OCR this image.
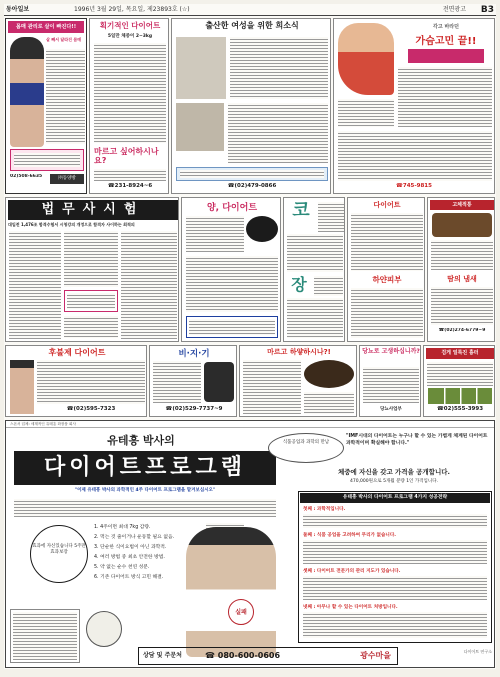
동아일보	1996년 3월 29일, 목요일, 제23893호 (☆)	전면광고 B3
몸매 관리로 살이 빠진다!!
살 빼서 달라진 몸매
02)508-6635	㈜동양방
획기적인 다이어트
5일만 체중이 2~3kg
마르고 싶어하시나요?
☎231-8924~6
출산한 여성을 위한 희소식
☎(02)479-0866
각고 바라던
가슴고민 끝!!
☎745-9815
법무사시험
대입전 1,476조 합격수험서 시청강의 개정으로 합격자 사이하는 최적의
양, 다이어트	코
장
다이어트
하얀피부
고체적통
땀의 냄새
☎(02)274-6779~9
후불제 다이어트
☎(02)595-7323
비·지·기
☎(02)529-7737~9
마르고 하얗하시나?!	당뇨로 고생하십니까?
당뇨사업부
검게 얼룩진 흉터
☎02)555-3993
스폰서 업체: 세계적인 유테흥 화장품 회사
유테흥 박사의
다이어트프로그램
"이제 유테흥 박사의 과학적인 4주 다이어트 프로그램을 맡겨보십시오"
효과에 자신있습니다 5주만 효과보장
1. 4주이면 최대 7kg 감량.
2. 먹는 것 줄이거나 운동할 필요 없음.
3. 단순한 식이요법이 아닌 과학적.
4. 여러 방법 중 최초 안전한 방법.
5. 약 없는 순수 천연 성분.
6. 기존 다이어트 방식 고민 해결.
실패
상담 및 주문처	☎ 080-600-0606	광수마을
식품공업과 과학의 만남
"IMF시대의 다이어트는 누구나 할 수 있는 가볍게 체계된 다이어트 과학적이며 확실해야 합니다."
체중에 자신을 갖고 가격을 공개합니다.
470,000원으로 5개월 분량 1인 가격입니다.
유테흥 박사의 다이어트 프로그램 4가지 성공전략
첫째 : 과학적입니다.
둘째 : 식품 공업을 고려하여 무리가 없습니다.
셋째 : 다이어트 전문가의 관리 지도가 있습니다.
넷째 : 아무나 할 수 있는 다이어트 처방입니다.
다이어트 연구소
